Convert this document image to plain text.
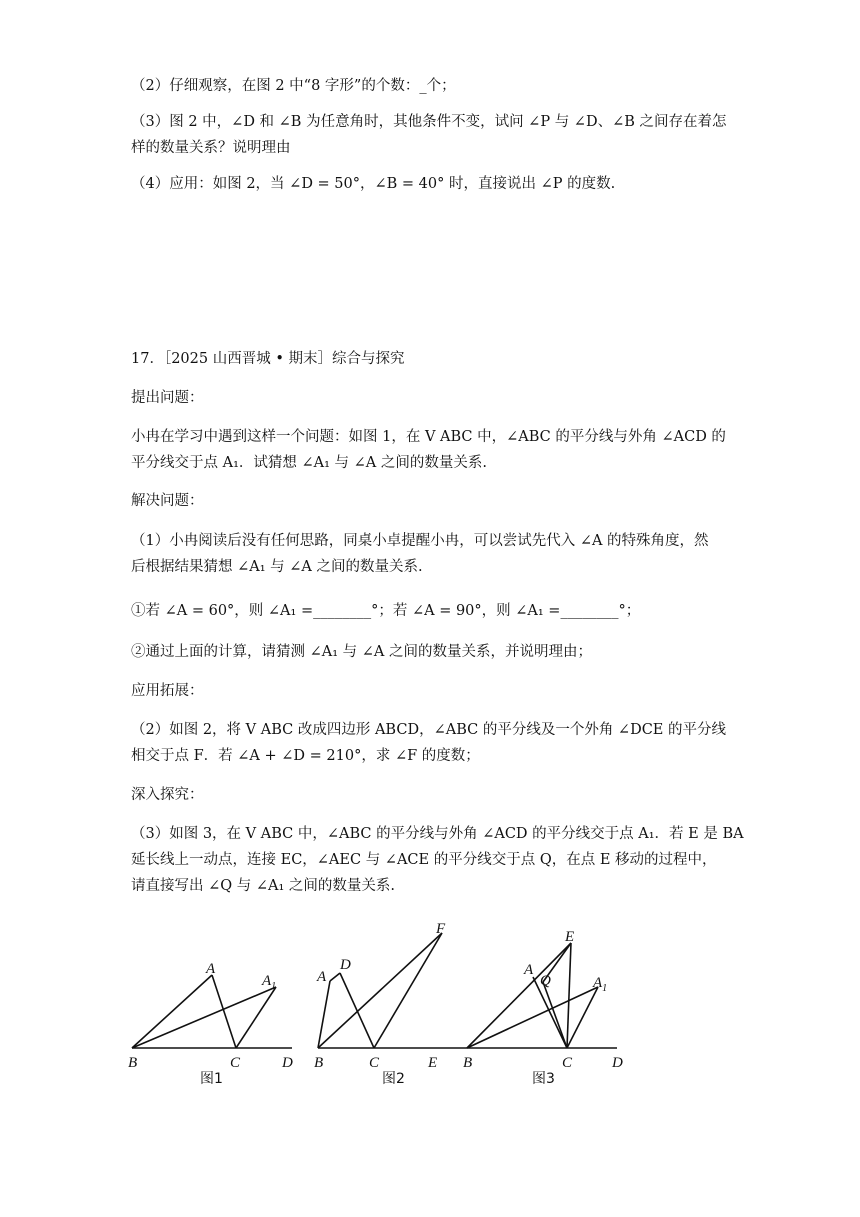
（2）仔细观察，在图 2 中“8 字形”的个数：_个；
（3）图 2 中，∠D 和 ∠B 为任意角时，其他条件不变，试问 ∠P 与 ∠D、∠B 之间存在着怎
样的数量关系？说明理由
（4）应用：如图 2，当 ∠D = 50°，∠B = 40° 时，直接说出 ∠P 的度数.
17．［2025 山西晋城 • 期末］综合与探究
提出问题：
小冉在学习中遇到这样一个问题：如图 1，在 V ABC 中，∠ABC 的平分线与外角 ∠ACD 的
平分线交于点 A₁．试猜想 ∠A₁ 与 ∠A 之间的数量关系.
解决问题：
（1）小冉阅读后没有任何思路，同桌小卓提醒小冉，可以尝试先代入 ∠A 的特殊角度，然
后根据结果猜想 ∠A₁ 与 ∠A 之间的数量关系.
①若 ∠A = 60°，则 ∠A₁ =________°；若 ∠A = 90°，则 ∠A₁ =________°；
②通过上面的计算，请猜测 ∠A₁ 与 ∠A 之间的数量关系，并说明理由；
应用拓展：
（2）如图 2，将 V ABC 改成四边形 ABCD，∠ABC 的平分线及一个外角 ∠DCE 的平分线
相交于点 F．若 ∠A + ∠D = 210°，求 ∠F 的度数；
深入探究：
（3）如图 3，在 V ABC 中，∠ABC 的平分线与外角 ∠ACD 的平分线交于点 A₁．若 E 是 BA
延长线上一动点，连接 EC，∠AEC 与 ∠ACE 的平分线交于点 Q，在点 E 移动的过程中，
请直接写出 ∠Q 与 ∠A₁ 之间的数量关系.
A
$A_1$
B	C	D
图1
A
D
F
B	C	E
图2
E
A
Q	$A_1$
B	C	D
图3
